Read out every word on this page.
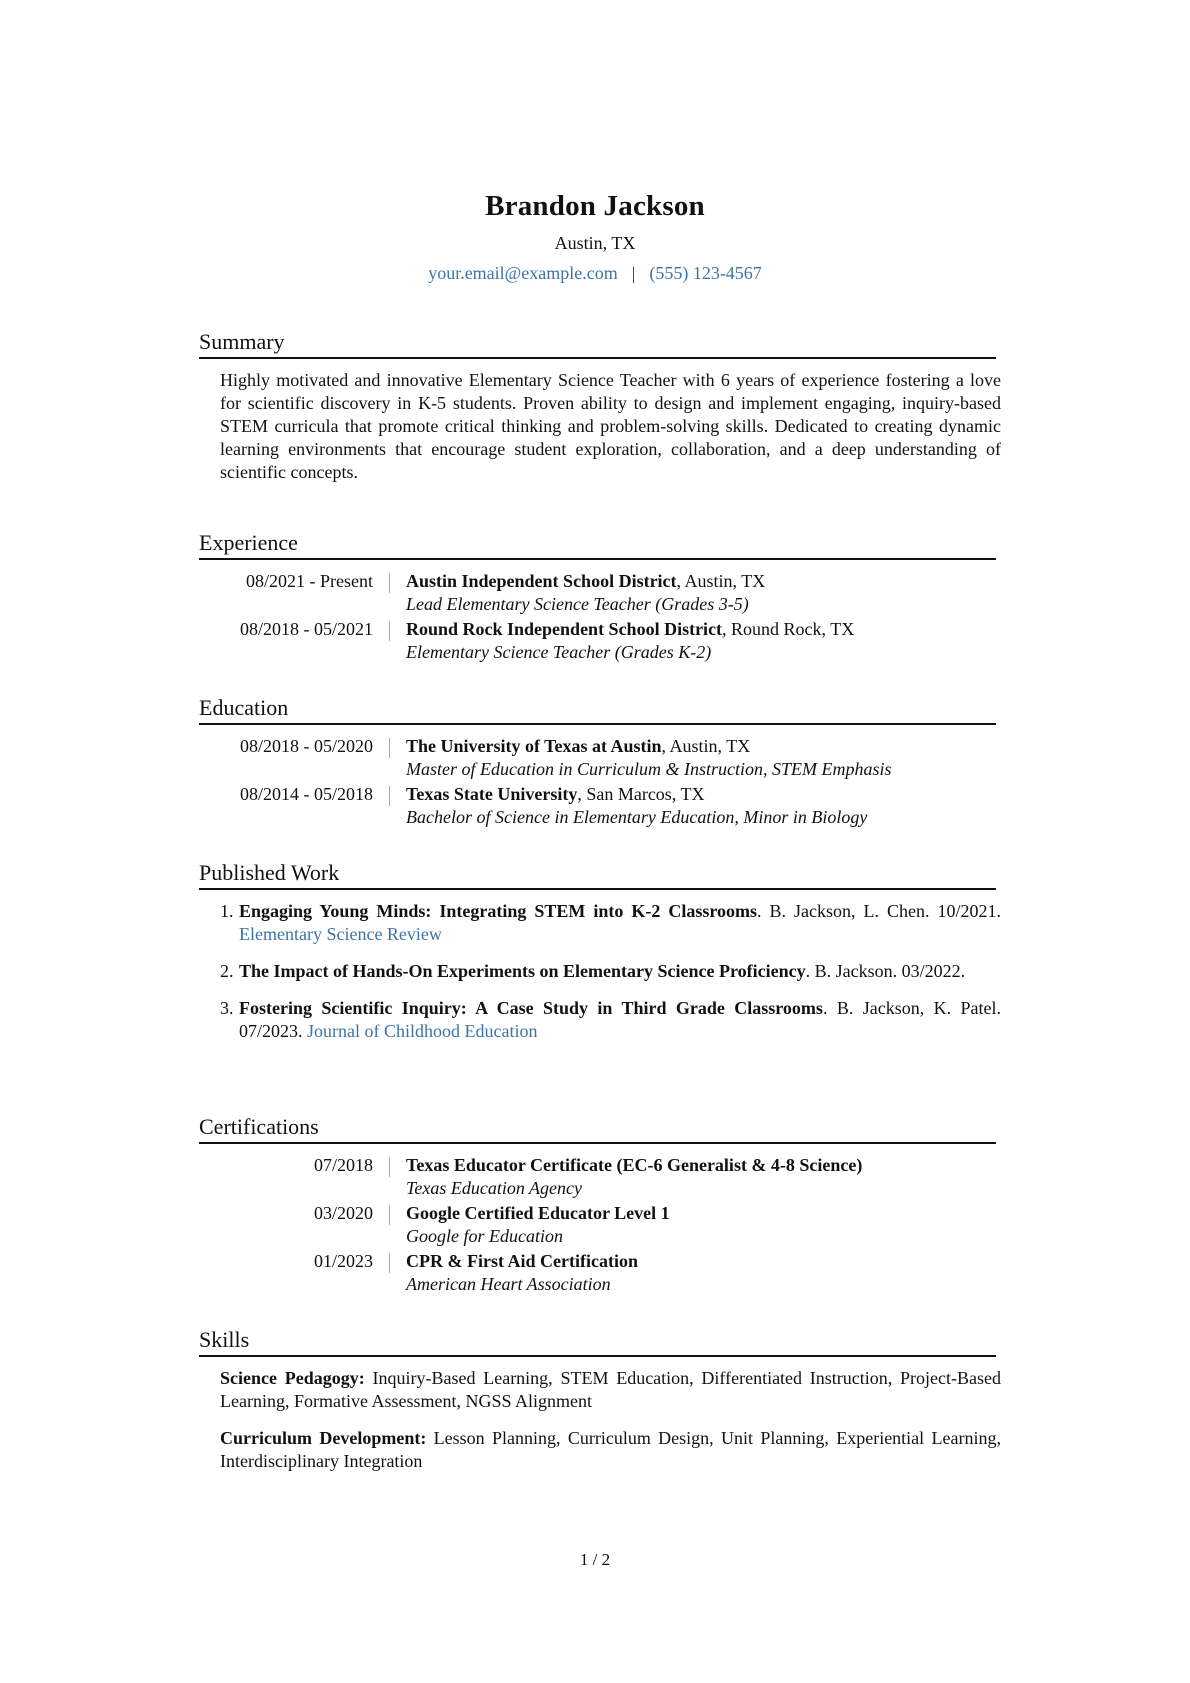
Brandon Jackson
Austin, TX
your.email@example.com | (555) 123-4567
Summary
Highly motivated and innovative Elementary Science Teacher with 6 years of experience fostering a love for scientific discovery in K-5 students. Proven ability to design and implement engaging, inquiry-based STEM curricula that promote critical thinking and problem-solving skills. Dedicated to creating dynamic learning environments that encourage student exploration, collaboration, and a deep understanding of scientific concepts.
Experience
08/2021 - Present Austin Independent School District, Austin, TX
Lead Elementary Science Teacher (Grades 3-5)
08/2018 - 05/2021 Round Rock Independent School District, Round Rock, TX
Elementary Science Teacher (Grades K-2)
Education
08/2018 - 05/2020 The University of Texas at Austin, Austin, TX
Master of Education in Curriculum & Instruction, STEM Emphasis
08/2014 - 05/2018 Texas State University, San Marcos, TX
Bachelor of Science in Elementary Education, Minor in Biology
Published Work
1. Engaging Young Minds: Integrating STEM into K-2 Classrooms. B. Jackson, L. Chen. 10/2021. Elementary Science Review
2. The Impact of Hands-On Experiments on Elementary Science Proficiency. B. Jackson. 03/2022.
3. Fostering Scientific Inquiry: A Case Study in Third Grade Classrooms. B. Jackson, K. Patel. 07/2023. Journal of Childhood Education
Certifications
07/2018 Texas Educator Certificate (EC-6 Generalist & 4-8 Science)
Texas Education Agency
03/2020 Google Certified Educator Level 1
Google for Education
01/2023 CPR & First Aid Certification
American Heart Association
Skills
Science Pedagogy: Inquiry-Based Learning, STEM Education, Differentiated Instruction, Project-Based Learning, Formative Assessment, NGSS Alignment
Curriculum Development: Lesson Planning, Curriculum Design, Unit Planning, Experiential Learning, Interdisciplinary Integration
1 / 2
